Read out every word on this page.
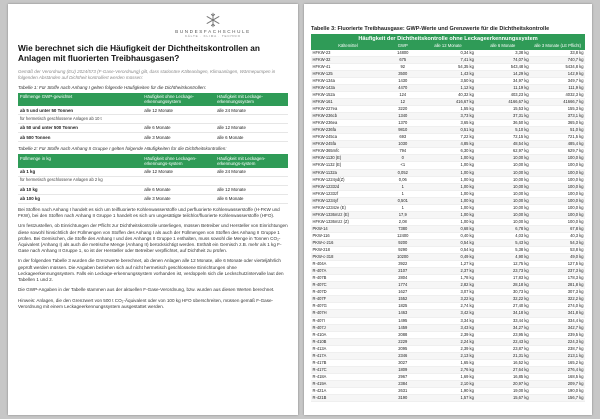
BUNDESFACHSCHULE
KÄLTE · KLIMA · TECHNIK
Wie berechnet sich die Häufigkeit der Dichtheitskontrollen an Anlagen mit fluorierten Treibhausgasen?

Gemäß der Verordnung (EU) 2024/573 (F-Gase-Verordnung) gilt, dass stationäre Kälteanlagen, Klimaanlagen, Wärmepumpen in folgenden Abständen auf Dichtheit kontrolliert werden müssen:

Tabelle 1: Für Stoffe nach Anhang I gelten folgende Häufigkeiten für die Dichtheitskontrollen:

Füllmenge GWP-gewichtet	Häufigkeit ohne Leckage-erkennungssystem	Häufigkeit mit Leckage-erkennungssystem
ab 5 und unter 50 Tonnen	alle 12 Monate	alle 24 Monate
für hermetisch geschlossene Anlagen ab 10 t		
ab 50 und unter 500 Tonnen	alle 6 Monate	alle 12 Monate
ab 500 Tonnen	alle 3 Monate	alle 6 Monate

Tabelle 2: Für Stoffe nach Anhang II Gruppe I gelten folgende Häufigkeiten für die Dichtheitskontrollen:

Füllmenge in kg	Häufigkeit ohne Leckagen-erkennungs-system	Häufigkeit mit Leckagen-erkennungs-system
ab 1 kg	alle 12 Monate	alle 24 Monate
für hermetisch geschlossene Anlagen ab 2 kg		
ab 10 kg	alle 6 Monate	alle 12 Monate
ab 100 kg	alle 3 Monate	alle 6 Monate

Bei Stoffen nach Anhang I handelt es sich um teilfluorierte Kohlenwasserstoffe und perfluorierte Kohlenwasserstoffe (H-FKW und FKW), bei den Stoffen nach Anhang II Gruppe 1 handelt es sich um ungesättigte teilchlor/fluorierte Kohlenwasserstoffe (HFO).

Um festzustellen, ob Einrichtungen der Pflicht zur Dichtheitskontrolle unterliegen, müssen Betreiber und Hersteller von Einrichtungen diese sowohl hinsichtlich der Füllmengen von Stoffen des Anhang I als auch der Füllmengen von Stoffen des Anhang II Gruppe 1 prüfen. Bei Gemischen, die Stoffe des Anhang I und des Anhangs II Gruppe 1 enthalten, muss sowohl die Menge in Tonnen CO₂-Äquivalent (Anhang I) als auch die metrische Menge (Anhang II) berücksichtigt werden. Enthält ein Gemisch z.B. mehr als 1 kg F-Gase nach Anhang II Gruppe 1, so ist der Hersteller oder Betreiber verpflichtet, auf Dichtheit zu prüfen.

In der folgenden Tabelle 3 wurden die Grenzwerte berechnet, ab denen Anlagen alle 12 Monate, alle 6 Monate oder vierteljährlich geprüft werden müssen. Die Angaben beziehen sich auf nicht hermetisch geschlossene Einrichtungen ohne Leckageerkennungssystem. Falls ein Leckage-erkennungssystem vorhanden ist, verdoppeln sich die Leckschutzintervalle laut den Tabellen 1 und 2.

Die GWP-Angaben in der Tabelle stammen aus der aktuellen F-Gase-Verordnung, bzw. wurden aus diesen Werten berechnet.

Hinweis: Anlagen, die den Grenzwert von 500 t CO₂-Äquivalent oder von 100 kg HFO überschreiten, müssen gemäß F-Gase-Verordnung mit einem Leckageerkennungssystem ausgestattet werden.

Tabelle 3: Fluorierte Treibhausgase: GWP-Werte und Grenzwerte für die Dichtheitskontrolle

Häufigkeit der Dichtheitskontrolle ohne Leckageerkennungssystem				
Kältemittel	GWP	alle 12 Monate	alle 6 Monate	alle 3 Monate (LE Pflicht)
HFKW-23	14800	0,34 kg	3,38 kg	33,8 kg
HFKW-32	675	7,41 kg	74,07 kg	740,7 kg
HFKW-41	92	54,35 kg	543,48 kg	5434,8 kg
HFKW-125	3500	1,43 kg	14,29 kg	142,9 kg
HFKW-134a	1430	3,50 kg	34,97 kg	349,7 kg
HFKW-143a	4470	1,12 kg	11,19 kg	111,9 kg
HFKW-152a	124	40,32 kg	403,23 kg	4032,3 kg
HFKW-161	12	416,67 kg	4166,67 kg	41666,7 kg
HFKW-227ea	3220	1,55 kg	15,53 kg	155,3 kg
HFKW-236cb	1340	3,73 kg	37,31 kg	373,1 kg
HFKW-236ea	1370	3,65 kg	36,50 kg	365,0 kg
HFKW-236fa	9810	0,51 kg	5,10 kg	51,0 kg
HFKW-245ca	693	7,22 kg	72,15 kg	721,5 kg
HFKW-245fa	1030	4,85 kg	48,54 kg	485,4 kg
HFKW-365mfc	794	6,30 kg	62,97 kg	629,7 kg
HFKW-1130 (E)	0	1,00 kg	10,00 kg	100,0 kg
HFKW-1132 (E)	<1	1,00 kg	10,00 kg	100,0 kg
HFKW-1132a	0,052	1,00 kg	10,00 kg	100,0 kg
HFKW-1224yd(Z)	0,06	1,00 kg	10,00 kg	100,0 kg
HFKW-1233zd	1	1,00 kg	10,00 kg	100,0 kg
HFKW-1233zf	1	1,00 kg	10,00 kg	100,0 kg
HFKW-1234yf	0,501	1,00 kg	10,00 kg	100,0 kg
HFKW-1234ze (E)	1	1,00 kg	10,00 kg	100,0 kg
HFKW-1336mzz (E)	17,9	1,00 kg	10,00 kg	100,0 kg
HFKW-1336mzz (Z)	2,08	1,00 kg	10,00 kg	100,0 kg
PKW-14	7380	0,68 kg	6,78 kg	67,8 kg
PKW-116	12400	0,40 kg	4,03 kg	40,3 kg
PKW-c-216	9200	0,54 kg	5,43 kg	54,3 kg
PKW-218	9290	0,54 kg	5,38 kg	53,8 kg
PKW-c-318	10200	0,49 kg	4,90 kg	49,0 kg
R-404A	3922	1,27 kg	12,75 kg	127,5 kg
R-407A	2107	2,37 kg	23,73 kg	237,3 kg
R-407B	2804	1,78 kg	17,83 kg	178,3 kg
R-407C	1774	2,82 kg	28,18 kg	281,8 kg
R-407D	1627	3,07 kg	30,73 kg	307,3 kg
R-407F	1552	3,22 kg	32,22 kg	322,2 kg
R-407G	1825	2,74 kg	27,40 kg	274,0 kg
R-407H	1463	3,42 kg	34,18 kg	341,8 kg
R-407I	1495	3,34 kg	33,44 kg	334,4 kg
R-407J	1459	3,43 kg	34,27 kg	342,7 kg
R-410A	2088	2,39 kg	23,95 kg	239,5 kg
R-410B	2229	2,24 kg	22,43 kg	224,3 kg
R-413A	2095	2,39 kg	23,87 kg	238,7 kg
R-417A	2346	2,13 kg	21,31 kg	213,1 kg
R-417B	3027	1,65 kg	16,52 kg	165,2 kg
R-417C	1809	2,76 kg	27,64 kg	276,4 kg
R-418A	2967	1,69 kg	16,85 kg	168,5 kg
R-419A	2384	2,10 kg	20,97 kg	209,7 kg
R-421A	2631	1,90 kg	19,00 kg	190,0 kg
R-421B	3190	1,57 kg	15,67 kg	156,7 kg
